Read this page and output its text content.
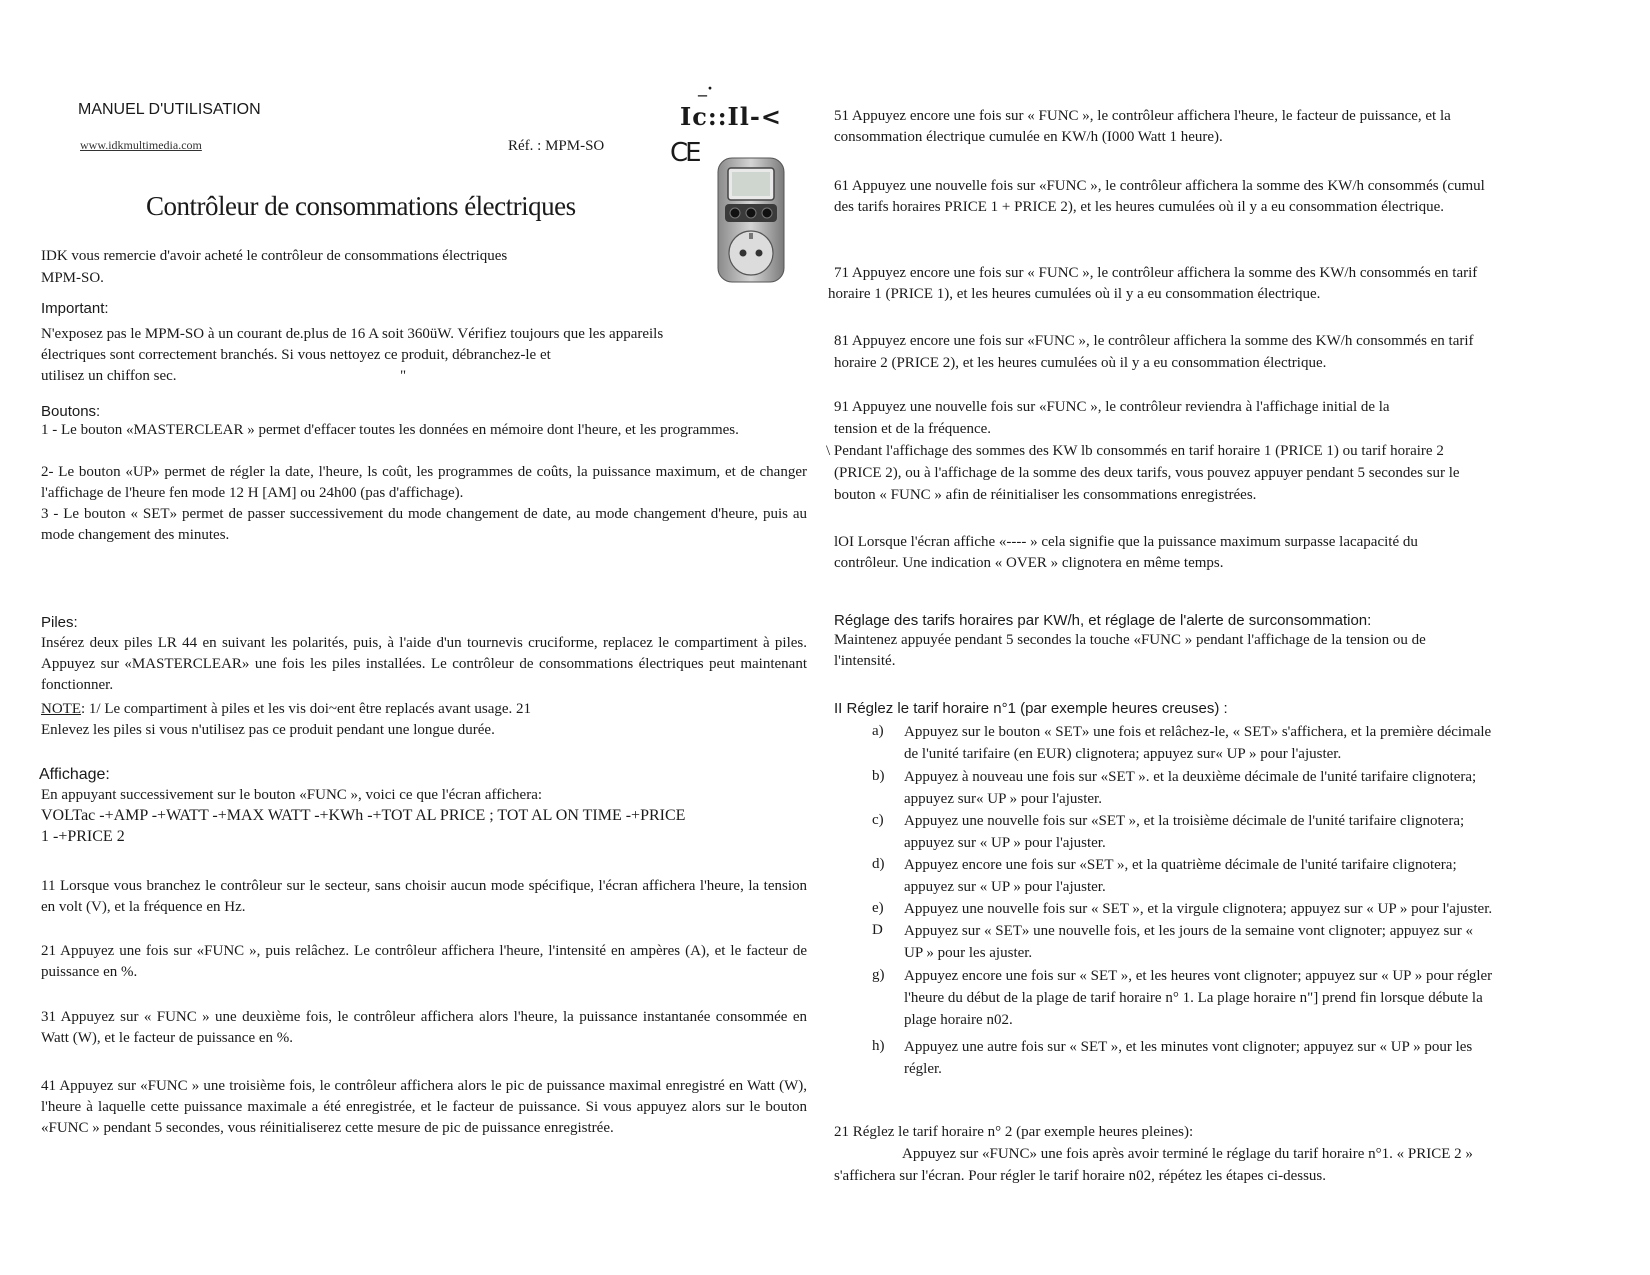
MANUEL D'UTILISATION
www.idkmultimedia.com	Réf. : MPM-SO
_·
Ic::Il-<
CE
Contrôleur de consommations électriques
IDK vous remercie d'avoir acheté le contrôleur de consommations électriques
MPM-SO.
Important:
N'exposez pas le MPM-SO à un courant de.plus de 16 A soit 360üW. Vérifiez toujours que les appareils
électriques sont correctement branchés. Si vous nettoyez ce produit, débranchez-le et
utilisez un chiffon sec.	"
Boutons:
1 - Le bouton «MASTERCLEAR » permet d'effacer toutes les données en mémoire dont l'heure, et les programmes.
2- Le bouton «UP» permet de régler la date, l'heure, ls coût, les programmes de coûts, la puissance maximum, et de changer l'affichage de l'heure fen mode 12 H [AM] ou 24h00 (pas d'affichage).
3 - Le bouton « SET» permet de passer successivement du mode changement de date, au mode changement d'heure, puis au mode changement des minutes.
Piles:
Insérez deux piles LR 44 en suivant les polarités, puis, à l'aide d'un tournevis cruciforme, replacez le compartiment à piles. Appuyez sur «MASTERCLEAR» une fois les piles installées. Le contrôleur de consommations électriques peut maintenant fonctionner.
NOTE: 1/ Le compartiment à piles et les vis doi~ent être replacés avant usage. 21
Enlevez les piles si vous n'utilisez pas ce produit pendant une longue durée.
Affichage:
En appuyant successivement sur le bouton «FUNC », voici ce que l'écran affichera:
VOLTac -+AMP -+WATT -+MAX WATT -+KWh -+TOT AL PRICE ; TOT AL ON TIME -+PRICE
1 -+PRICE 2
11 Lorsque vous branchez le contrôleur sur le secteur, sans choisir aucun mode spécifique, l'écran affichera l'heure, la tension en volt (V), et la fréquence en Hz.
21 Appuyez une fois sur «FUNC », puis relâchez. Le contrôleur affichera l'heure, l'intensité en ampères (A), et le facteur de puissance en %.
31 Appuyez sur « FUNC » une deuxième fois, le contrôleur affichera alors l'heure, la puissance instantanée consommée en Watt (W), et le facteur de puissance en %.
41 Appuyez sur «FUNC » une troisième fois, le contrôleur affichera alors le pic de puissance maximal enregistré en Watt (W), l'heure à laquelle cette puissance maximale a été enregistrée, et le facteur de puissance. Si vous appuyez alors sur le bouton «FUNC » pendant 5 secondes, vous réinitialiserez cette mesure de pic de puissance enregistrée.
51 Appuyez encore une fois sur « FUNC », le contrôleur affichera l'heure, le facteur de puissance, et la
consommation électrique cumulée en KW/h (I000 Watt 1 heure).
61 Appuyez une nouvelle fois sur «FUNC », le contrôleur affichera la somme des KW/h consommés (cumul
des tarifs horaires PRICE 1 + PRICE 2), et les heures cumulées où il y a eu consommation électrique.
71 Appuyez encore une fois sur « FUNC », le contrôleur affichera la somme des KW/h consommés en tarif
horaire 1 (PRICE 1), et les heures cumulées où il y a eu consommation électrique.
81 Appuyez encore une fois sur «FUNC », le contrôleur affichera la somme des KW/h consommés en tarif
horaire 2 (PRICE 2), et les heures cumulées où il y a eu consommation électrique.
91 Appuyez une nouvelle fois sur «FUNC », le contrôleur reviendra à l'affichage initial de la
tension et de la fréquence.
\ Pendant l'affichage des sommes des KW lb consommés en tarif horaire 1 (PRICE 1) ou tarif horaire 2
(PRICE 2), ou à l'affichage de la somme des deux tarifs, vous pouvez appuyer pendant 5 secondes sur le
bouton « FUNC » afin de réinitialiser les consommations enregistrées.
lOI Lorsque l'écran affiche «---- » cela signifie que la puissance maximum surpasse lacapacité du
contrôleur. Une indication « OVER » clignotera en même temps.
Réglage des tarifs horaires par KW/h, et réglage de l'alerte de surconsommation:
Maintenez appuyée pendant 5 secondes la touche «FUNC » pendant l'affichage de la tension ou de
l'intensité.
II Réglez le tarif horaire n°1 (par exemple heures creuses) :
a) Appuyez sur le bouton « SET» une fois et relâchez-le, « SET» s'affichera, et la première décimale
de l'unité tarifaire (en EUR) clignotera; appuyez sur« UP » pour l'ajuster.
b) Appuyez à nouveau une fois sur «SET ». et la deuxième décimale de l'unité tarifaire clignotera;
appuyez sur« UP » pour l'ajuster.
c) Appuyez une nouvelle fois sur «SET », et la troisième décimale de l'unité tarifaire clignotera;
appuyez sur « UP » pour l'ajuster.
d) Appuyez encore une fois sur «SET », et la quatrième décimale de l'unité tarifaire clignotera;
appuyez sur « UP » pour l'ajuster.
e) Appuyez une nouvelle fois sur « SET », et la virgule clignotera; appuyez sur « UP » pour l'ajuster.
D Appuyez sur « SET» une nouvelle fois, et les jours de la semaine vont clignoter; appuyez sur «
UP » pour les ajuster.
g) Appuyez encore une fois sur « SET », et les heures vont clignoter; appuyez sur « UP » pour régler
l'heure du début de la plage de tarif horaire n° 1. La plage horaire n"] prend fin lorsque débute la
plage horaire n02.
h) Appuyez une autre fois sur « SET », et les minutes vont clignoter; appuyez sur « UP » pour les
régler.
21 Réglez le tarif horaire n° 2 (par exemple heures pleines):
Appuyez sur «FUNC» une fois après avoir terminé le réglage du tarif horaire n°1. « PRICE 2 »
s'affichera sur l'écran. Pour régler le tarif horaire n02, répétez les étapes ci-dessus.
